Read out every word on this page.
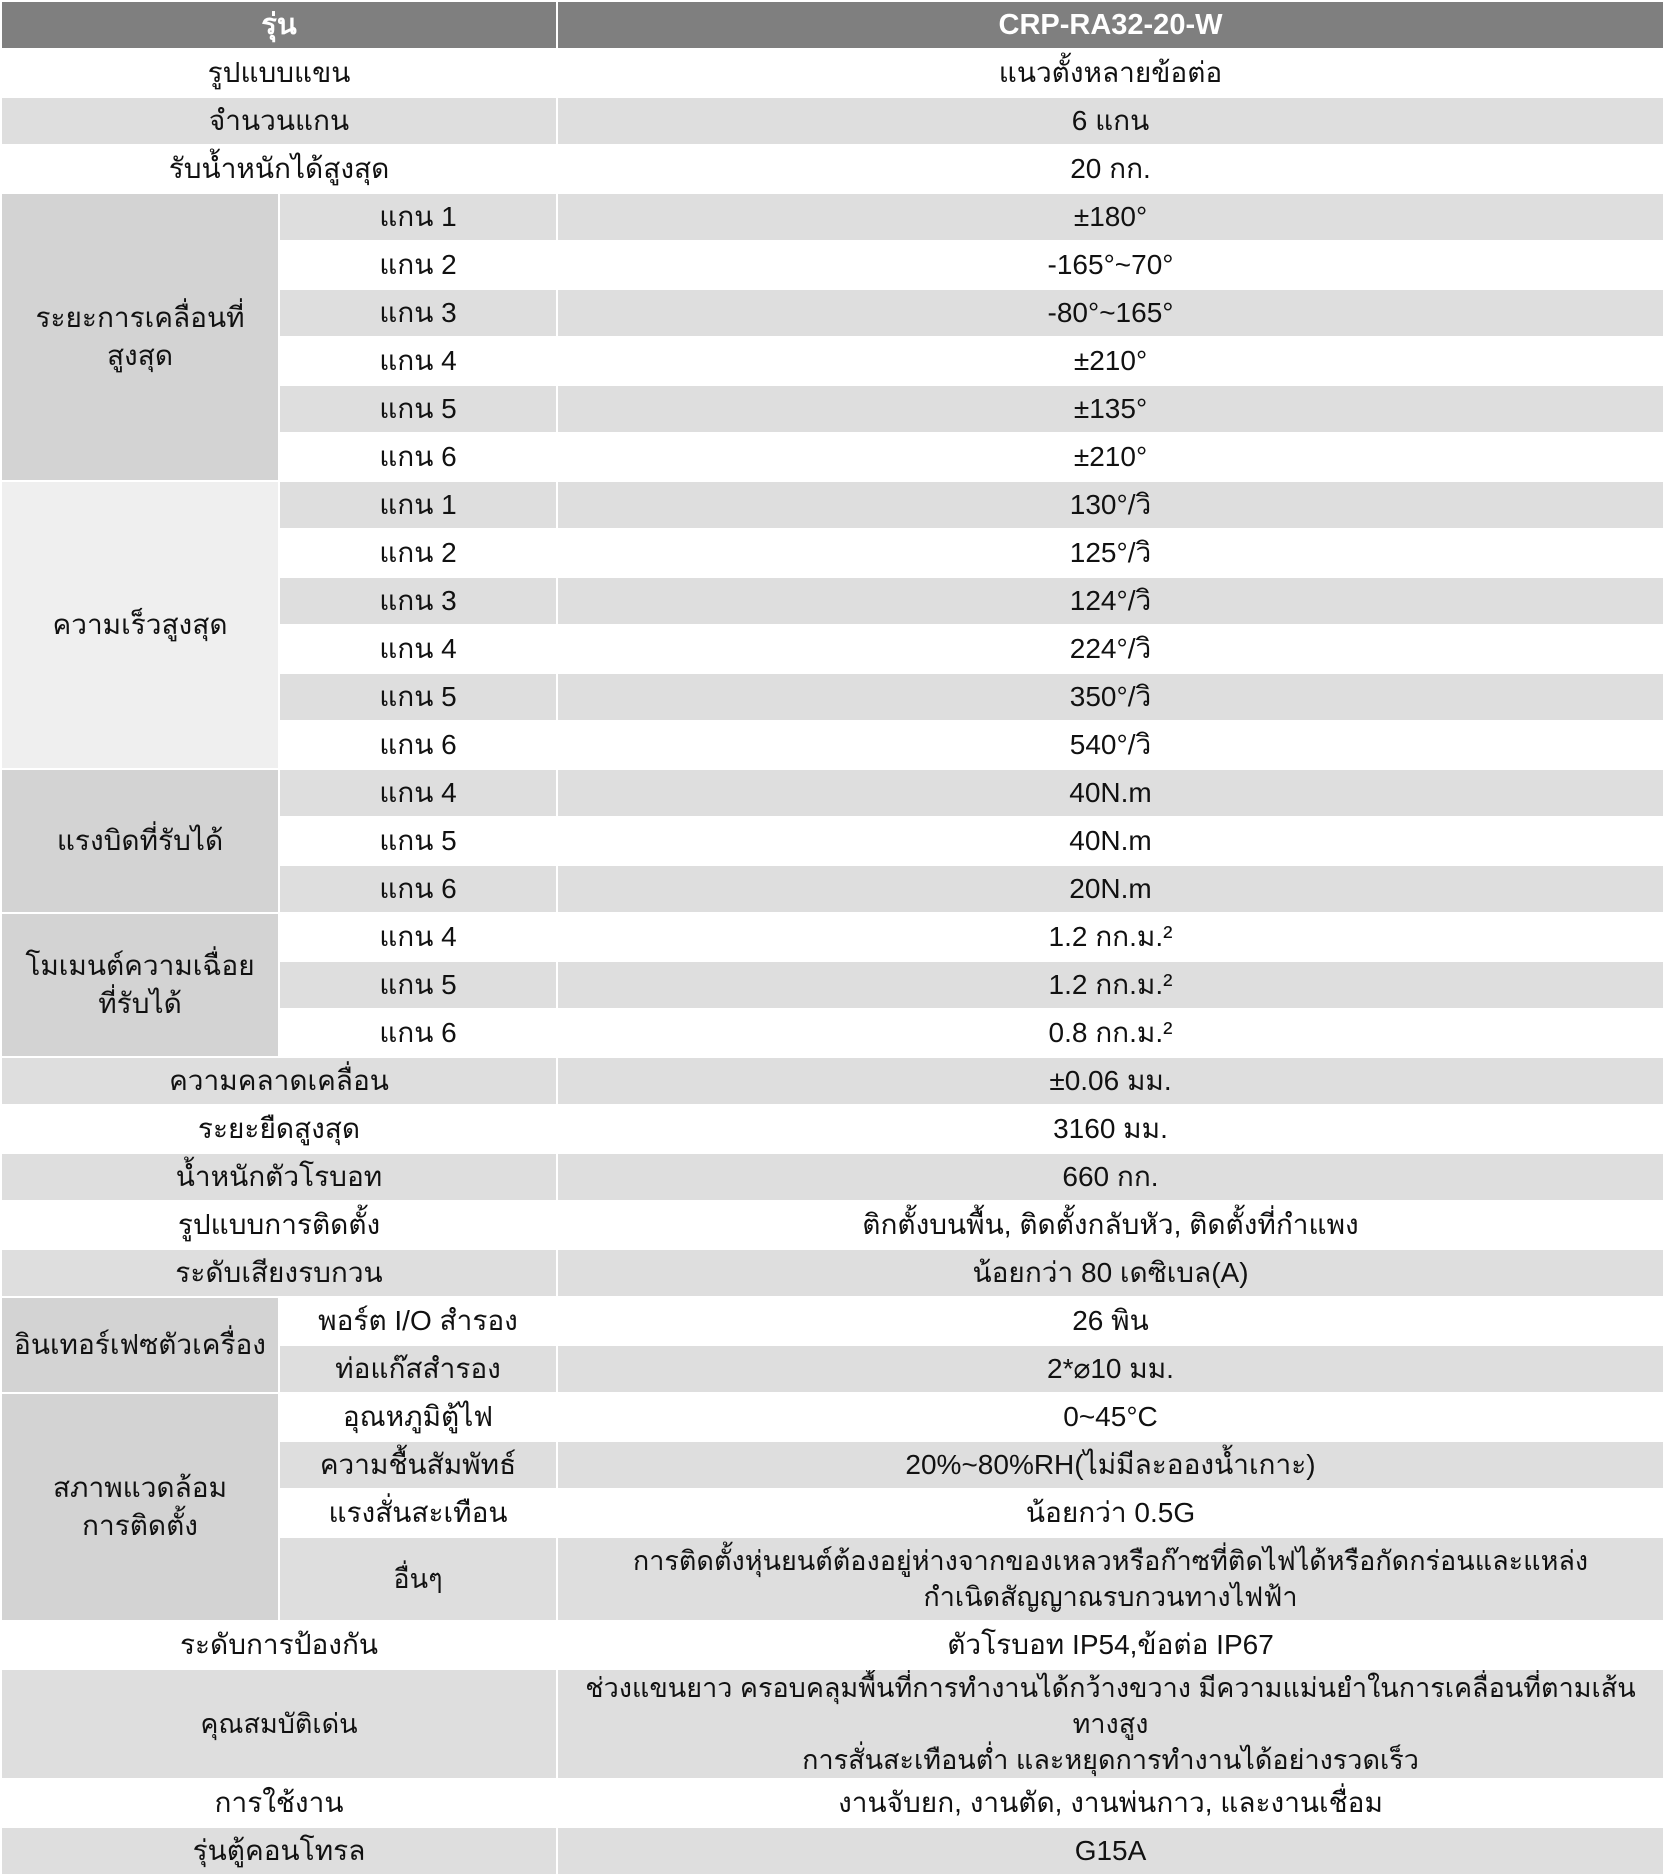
รุ่น		CRP-RA32-20-W
รูปแบบแขน		แนวตั้งหลายข้อต่อ
จำนวนแกน		6 แกน
รับน้ำหนักได้สูงสุด		20 กก.
ระยะการเคลื่อนที่
สูงสุด	แกน 1	±180°
	แกน 2	-165°~70°
	แกน 3	-80°~165°
	แกน 4	±210°
	แกน 5	±135°
	แกน 6	±210°
ความเร็วสูงสุด	แกน 1	130°/วิ
	แกน 2	125°/วิ
	แกน 3	124°/วิ
	แกน 4	224°/วิ
	แกน 5	350°/วิ
	แกน 6	540°/วิ
แรงบิดที่รับได้	แกน 4	40N.m
	แกน 5	40N.m
	แกน 6	20N.m
โมเมนต์ความเฉื่อย
ที่รับได้	แกน 4	1.2 กก.ม.²
	แกน 5	1.2 กก.ม.²
	แกน 6	0.8 กก.ม.²
ความคลาดเคลื่อน		±0.06 มม.
ระยะยืดสูงสุด		3160 มม.
น้ำหนักตัวโรบอท		660 กก.
รูปแบบการติดตั้ง		ติกตั้งบนพื้น, ติดตั้งกลับหัว, ติดตั้งที่กำแพง
ระดับเสียงรบกวน		น้อยกว่า 80 เดซิเบล(A)
อินเทอร์เฟซตัวเครื่อง	พอร์ต I/O สำรอง	26 พิน
	ท่อแก๊สสำรอง	2*⌀10 มม.
สภาพแวดล้อม
การติดตั้ง	อุณหภูมิตู้ไฟ	0~45°C
	ความชื้นสัมพัทธ์	20%~80%RH(ไม่มีละอองน้ำเกาะ)
	แรงสั่นสะเทือน	น้อยกว่า 0.5G
	อื่นๆ	การติดตั้งหุ่นยนต์ต้องอยู่ห่างจากของเหลวหรือก๊าซที่ติดไฟได้หรือกัดกร่อนและแหล่ง
กำเนิดสัญญาณรบกวนทางไฟฟ้า
ระดับการป้องกัน		ตัวโรบอท IP54,ข้อต่อ IP67
คุณสมบัติเด่น		ช่วงแขนยาว ครอบคลุมพื้นที่การทำงานได้กว้างขวาง มีความแม่นยำในการเคลื่อนที่ตามเส้นทางสูง
การสั่นสะเทือนต่ำ และหยุดการทำงานได้อย่างรวดเร็ว
การใช้งาน		งานจับยก, งานตัด, งานพ่นกาว, และงานเชื่อม
รุ่นตู้คอนโทรล		G15A
